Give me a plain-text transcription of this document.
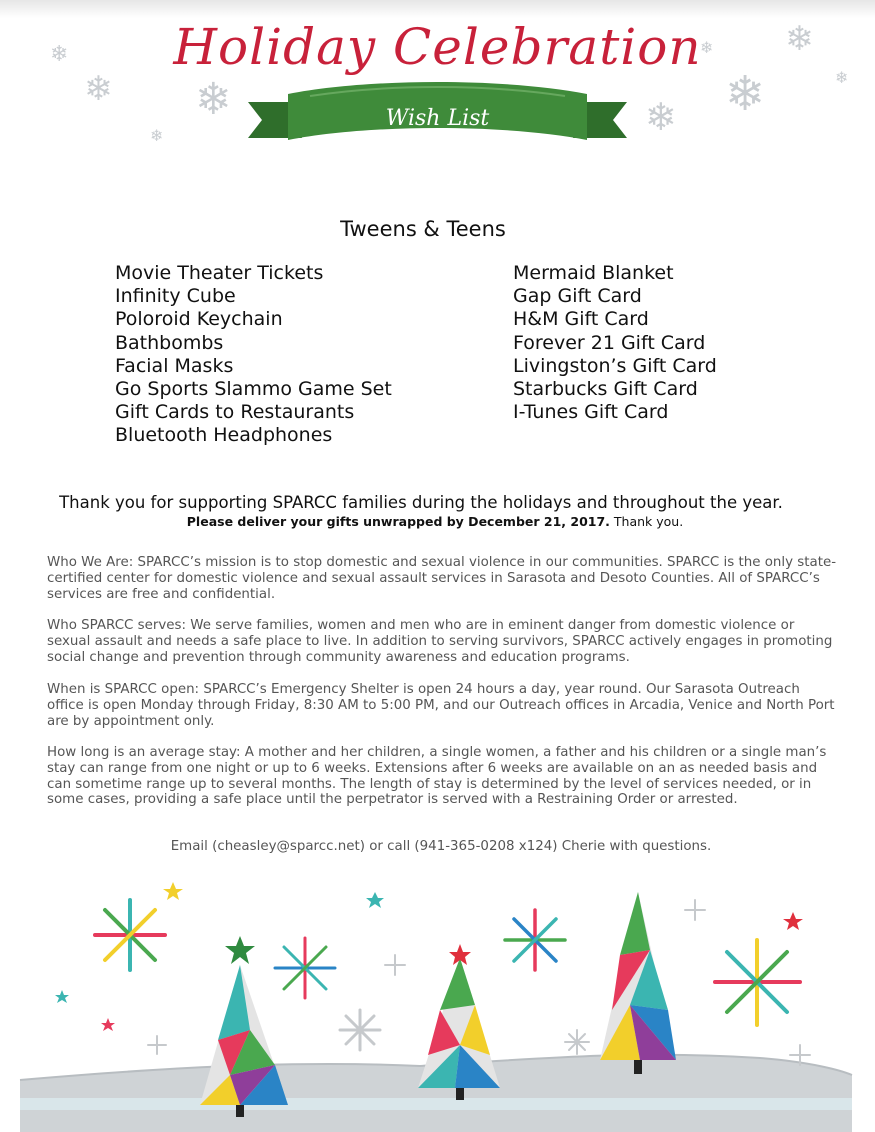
❄
❄ ❄
❄	❄
❄
❄
❄
❄
Holiday Celebration
Wish List
Tweens & Teens
Movie Theater Tickets
Infinity Cube
Poloroid Keychain
Bathbombs
Facial Masks
Go Sports Slammo Game Set
Gift Cards to Restaurants
Bluetooth Headphones
Mermaid Blanket
Gap Gift Card
H&M Gift Card
Forever 21 Gift Card
Livingston’s Gift Card
Starbucks Gift Card
I-Tunes Gift Card
Thank you for supporting SPARCC families during the holidays and throughout the year.
Please deliver your gifts unwrapped by December 21, 2017. Thank you.

Who We Are: SPARCC’s mission is to stop domestic and sexual violence in our communities. SPARCC is the only state-certified center for domestic violence and sexual assault services in Sarasota and Desoto Counties. All of SPARCC’s services are free and confidential.

Who SPARCC serves: We serve families, women and men who are in eminent danger from domestic violence or sexual assault and needs a safe place to live. In addition to serving survivors, SPARCC actively engages in promoting social change and prevention through community awareness and education programs.

When is SPARCC open: SPARCC’s Emergency Shelter is open 24 hours a day, year round. Our Sarasota Outreach office is open Monday through Friday, 8:30 AM to 5:00 PM, and our Outreach offices in Arcadia, Venice and North Port are by appointment only.

How long is an average stay: A mother and her children, a single women, a father and his children or a single man’s stay can range from one night or up to 6 weeks. Extensions after 6 weeks are available on an as needed basis and can sometime range up to several months. The length of stay is determined by the level of services needed, or in some cases, providing a safe place until the perpetrator is served with a Restraining Order or arrested.

Email (cheasley@sparcc.net) or call (941-365-0208 x124) Cherie with questions.
